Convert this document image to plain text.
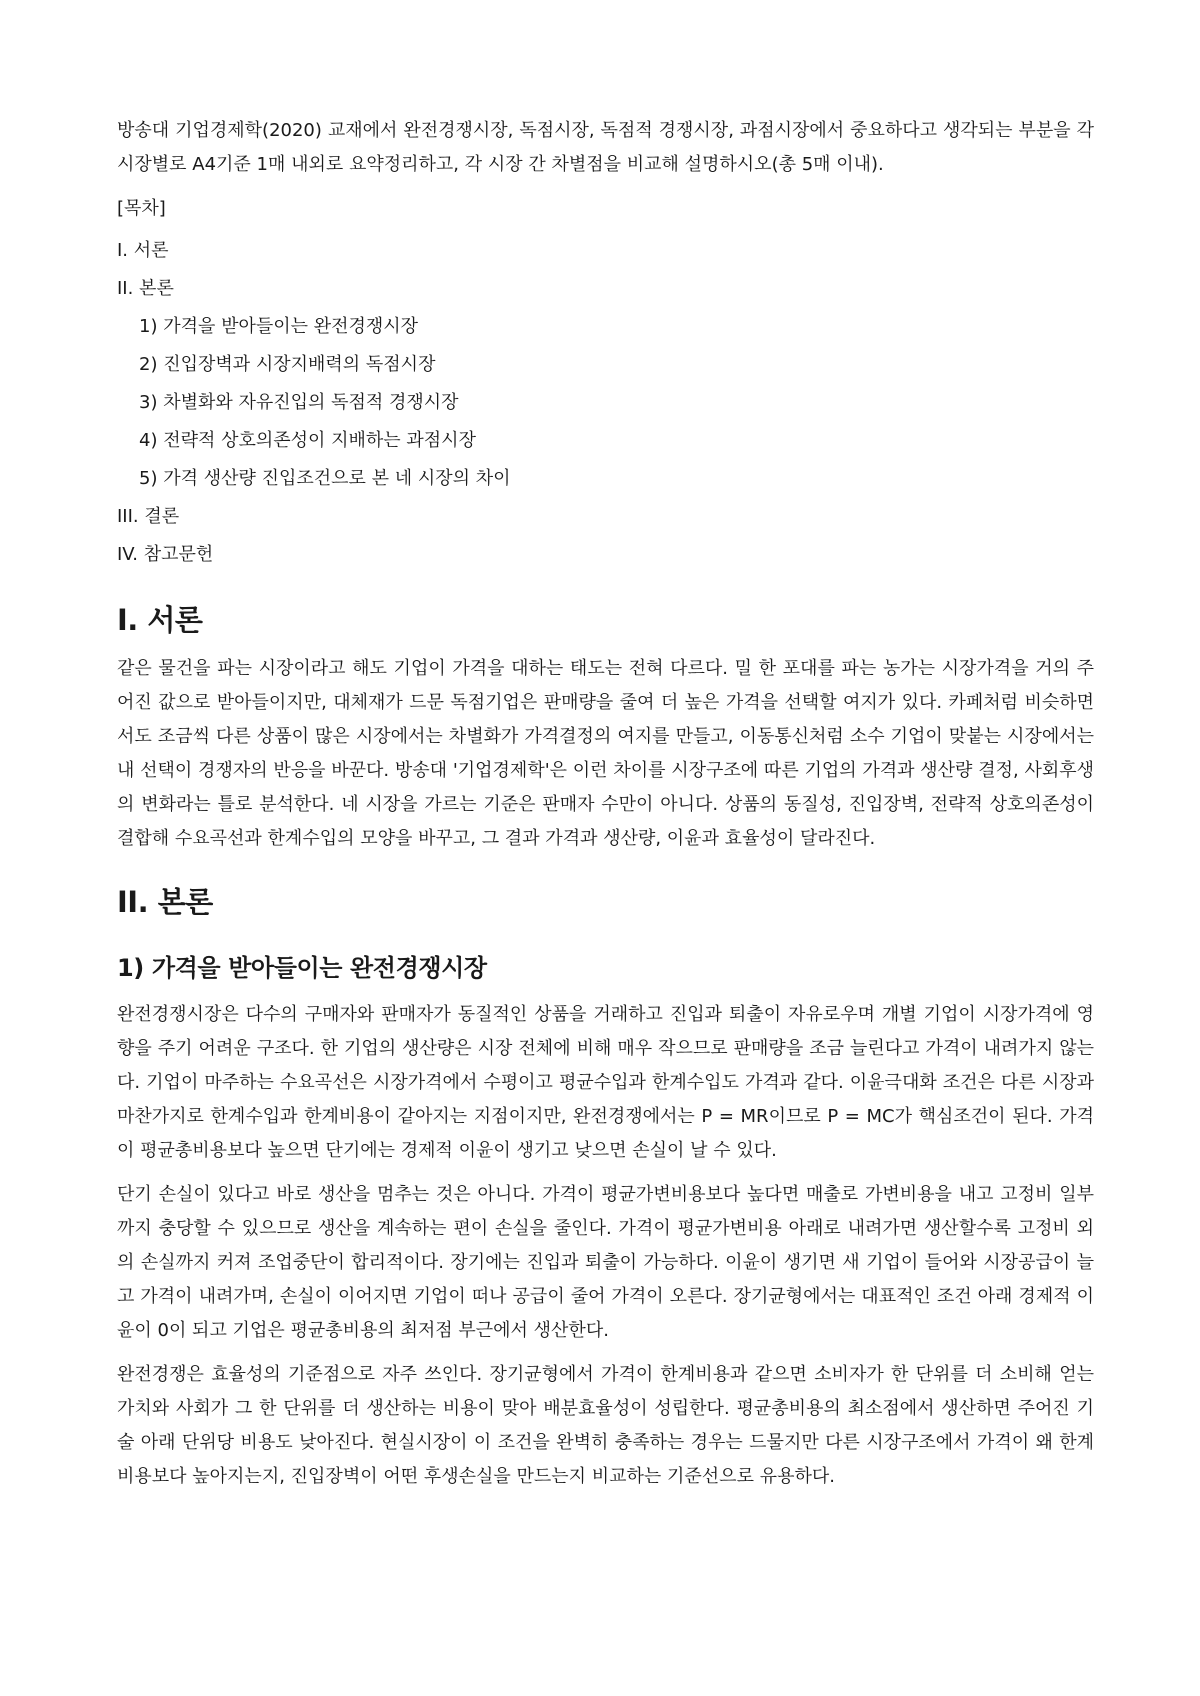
방송대 기업경제학(2020) 교재에서 완전경쟁시장, 독점시장, 독점적 경쟁시장, 과점시장에서 중요하다고 생각되는 부분을 각 시장별로 A4기준 1매 내외로 요약정리하고, 각 시장 간 차별점을 비교해 설명하시오(총 5매 이내).

[목차]

I. 서론
II. 본론
1) 가격을 받아들이는 완전경쟁시장
2) 진입장벽과 시장지배력의 독점시장
3) 차별화와 자유진입의 독점적 경쟁시장
4) 전략적 상호의존성이 지배하는 과점시장
5) 가격 생산량 진입조건으로 본 네 시장의 차이
III. 결론
IV. 참고문헌
I. 서론

같은 물건을 파는 시장이라고 해도 기업이 가격을 대하는 태도는 전혀 다르다. 밀 한 포대를 파는 농가는 시장가격을 거의 주어진 값으로 받아들이지만, 대체재가 드문 독점기업은 판매량을 줄여 더 높은 가격을 선택할 여지가 있다. 카페처럼 비슷하면서도 조금씩 다른 상품이 많은 시장에서는 차별화가 가격결정의 여지를 만들고, 이동통신처럼 소수 기업이 맞붙는 시장에서는 내 선택이 경쟁자의 반응을 바꾼다. 방송대 '기업경제학'은 이런 차이를 시장구조에 따른 기업의 가격과 생산량 결정, 사회후생의 변화라는 틀로 분석한다. 네 시장을 가르는 기준은 판매자 수만이 아니다. 상품의 동질성, 진입장벽, 전략적 상호의존성이 결합해 수요곡선과 한계수입의 모양을 바꾸고, 그 결과 가격과 생산량, 이윤과 효율성이 달라진다.

II. 본론
1) 가격을 받아들이는 완전경쟁시장

완전경쟁시장은 다수의 구매자와 판매자가 동질적인 상품을 거래하고 진입과 퇴출이 자유로우며 개별 기업이 시장가격에 영향을 주기 어려운 구조다. 한 기업의 생산량은 시장 전체에 비해 매우 작으므로 판매량을 조금 늘린다고 가격이 내려가지 않는다. 기업이 마주하는 수요곡선은 시장가격에서 수평이고 평균수입과 한계수입도 가격과 같다. 이윤극대화 조건은 다른 시장과 마찬가지로 한계수입과 한계비용이 같아지는 지점이지만, 완전경쟁에서는 P = MR이므로 P = MC가 핵심조건이 된다. 가격이 평균총비용보다 높으면 단기에는 경제적 이윤이 생기고 낮으면 손실이 날 수 있다.

단기 손실이 있다고 바로 생산을 멈추는 것은 아니다. 가격이 평균가변비용보다 높다면 매출로 가변비용을 내고 고정비 일부까지 충당할 수 있으므로 생산을 계속하는 편이 손실을 줄인다. 가격이 평균가변비용 아래로 내려가면 생산할수록 고정비 외의 손실까지 커져 조업중단이 합리적이다. 장기에는 진입과 퇴출이 가능하다. 이윤이 생기면 새 기업이 들어와 시장공급이 늘고 가격이 내려가며, 손실이 이어지면 기업이 떠나 공급이 줄어 가격이 오른다. 장기균형에서는 대표적인 조건 아래 경제적 이윤이 0이 되고 기업은 평균총비용의 최저점 부근에서 생산한다.

완전경쟁은 효율성의 기준점으로 자주 쓰인다. 장기균형에서 가격이 한계비용과 같으면 소비자가 한 단위를 더 소비해 얻는 가치와 사회가 그 한 단위를 더 생산하는 비용이 맞아 배분효율성이 성립한다. 평균총비용의 최소점에서 생산하면 주어진 기술 아래 단위당 비용도 낮아진다. 현실시장이 이 조건을 완벽히 충족하는 경우는 드물지만 다른 시장구조에서 가격이 왜 한계비용보다 높아지는지, 진입장벽이 어떤 후생손실을 만드는지 비교하는 기준선으로 유용하다.
